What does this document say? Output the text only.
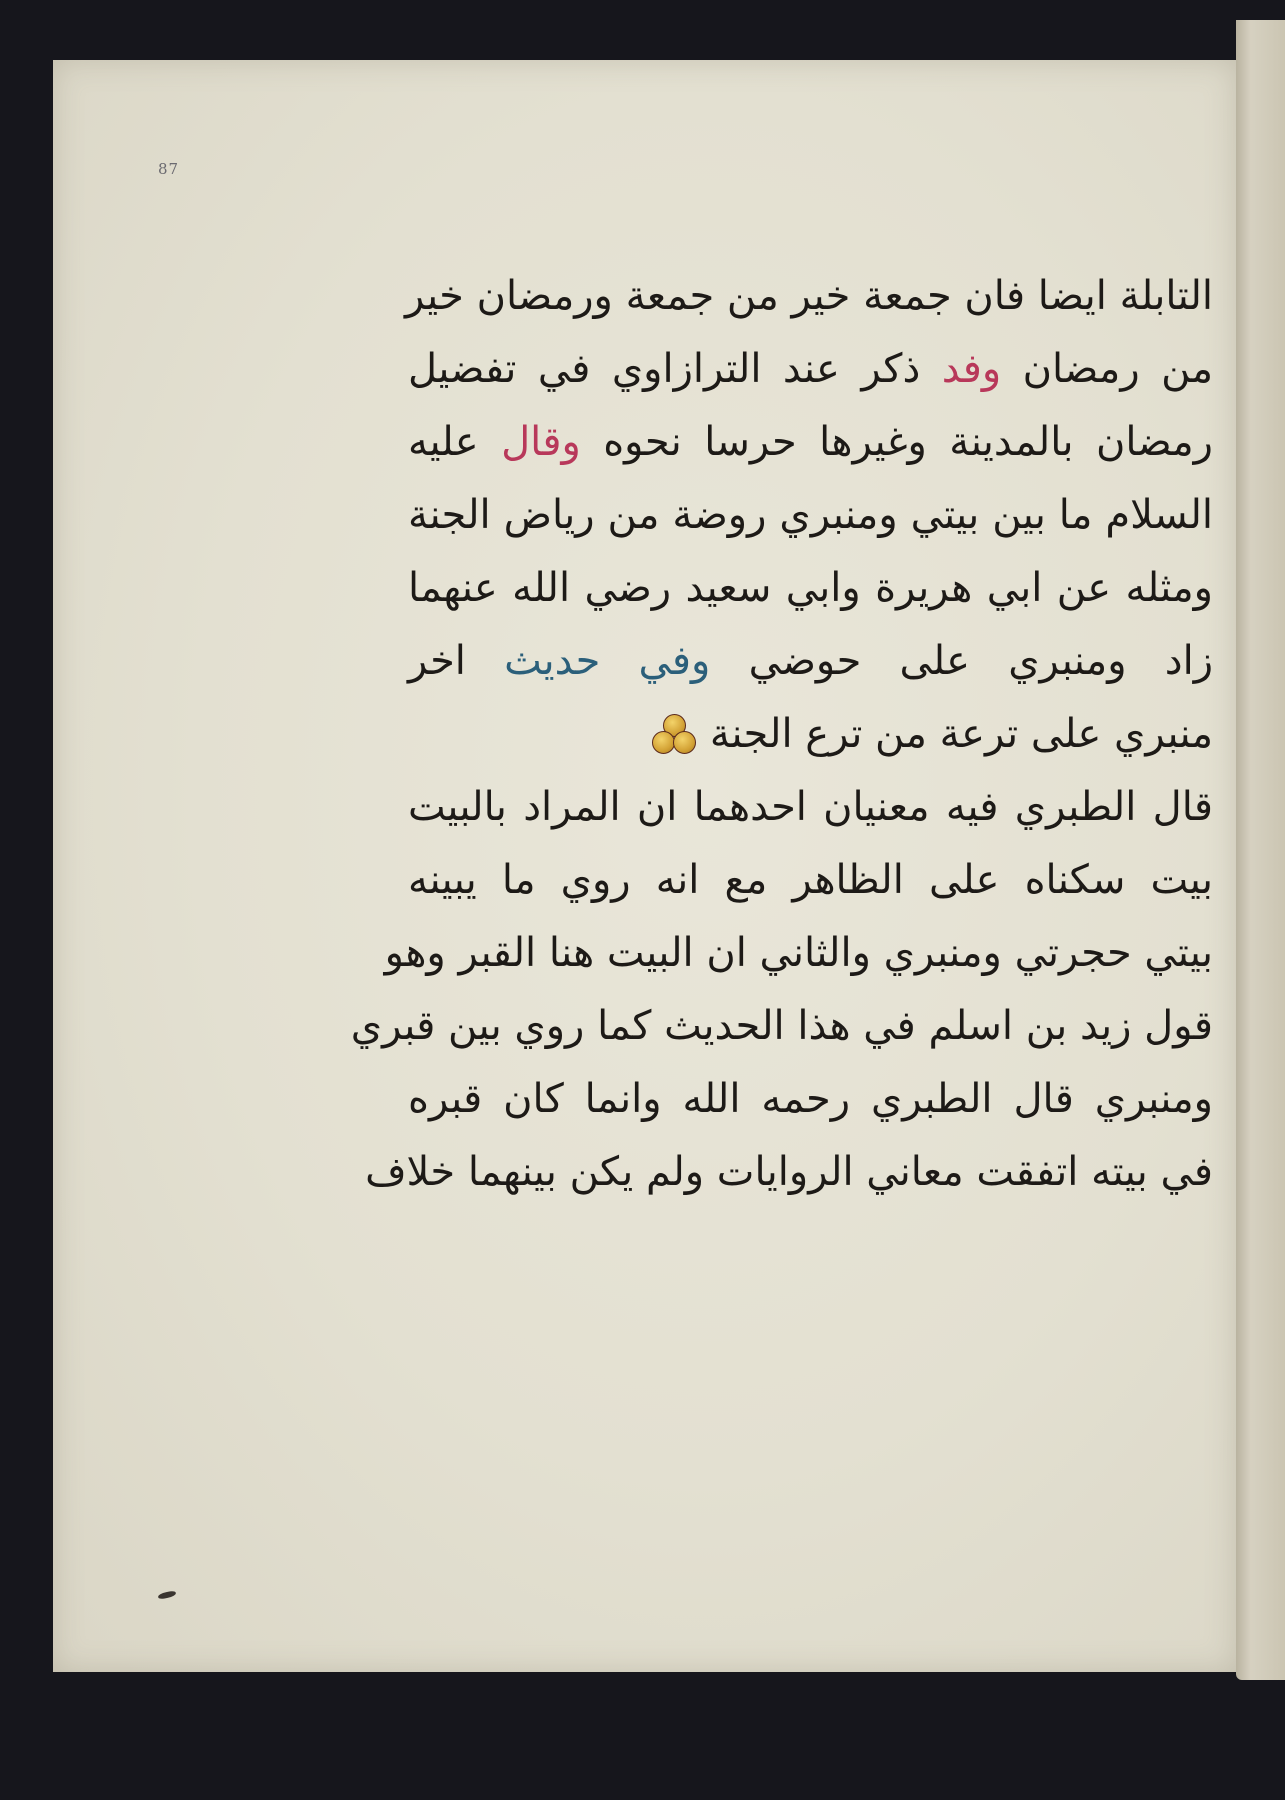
87
التابلة ايضا فان جمعة خير من جمعة ورمضان خير
من رمضان وفد ذكر عند الترازاوي في تفضيل
رمضان بالمدينة وغيرها حرسا نحوه وقال عليه
السلام ما بين بيتي ومنبري روضة من رياض الجنة
ومثله عن ابي هريرة وابي سعيد رضي الله عنهما
زاد ومنبري على حوضي وفي حديث اخر
منبري على ترعة من ترع الجنة
قال الطبري فيه معنيان احدهما ان المراد بالبيت
بيت سكناه على الظاهر مع انه روي ما يبينه
بيتي حجرتي ومنبري والثاني ان البيت هنا القبر وهو
قول زيد بن اسلم في هذا الحديث كما روي بين قبري
ومنبري قال الطبري رحمه الله وانما كان قبره
في بيته اتفقت معاني الروايات ولم يكن بينهما خلاف
